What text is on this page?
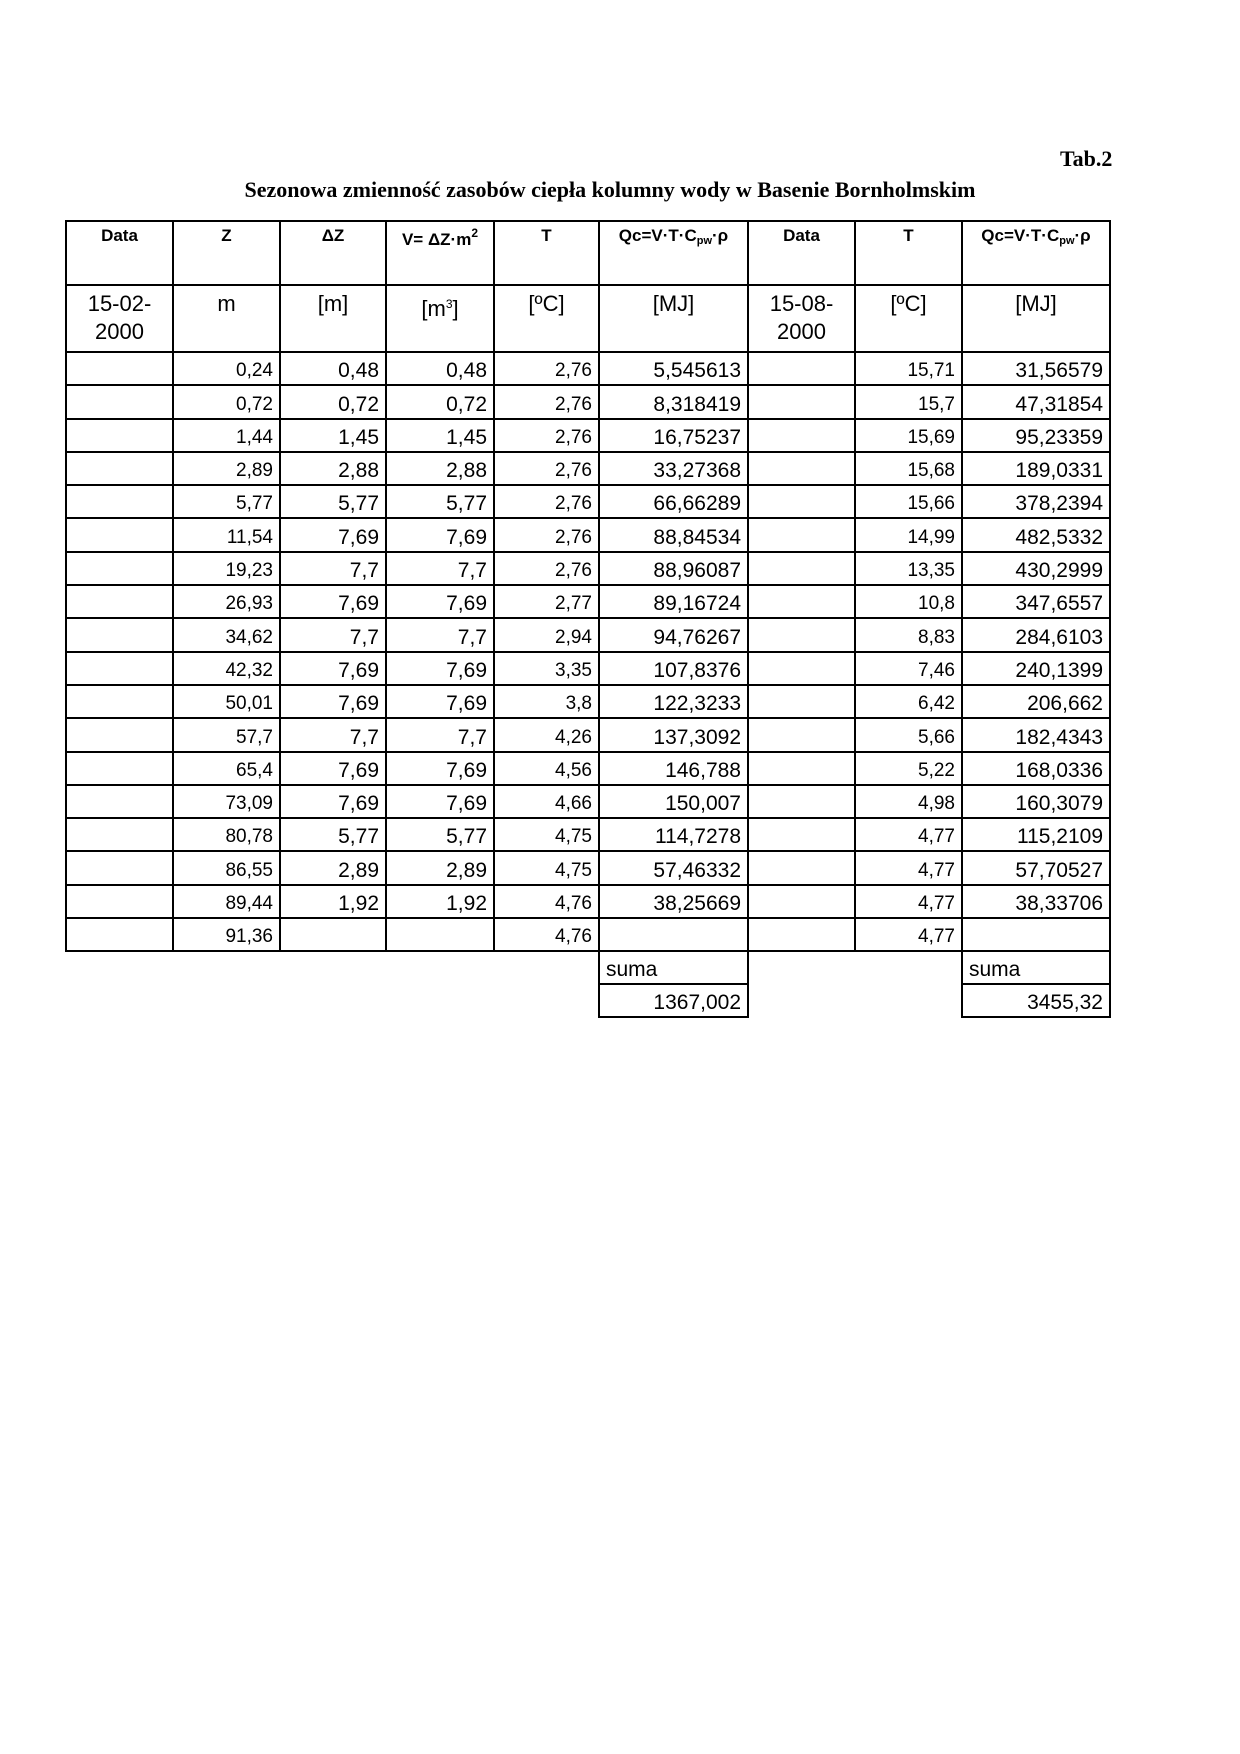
Tab.2
Sezonowa zmienność zasobów ciepła kolumny wody w Basenie Bornholmskim
Data	Z	ΔZ	$V= \Delta Z\cdot m^2$	T	$Qc=V\cdot T\cdot C_{pw}\cdot\rho$	Data	T	$Qc=V\cdot T\cdot C_{pw}\cdot\rho$
15-02-2000	m	[m]	$[m^3]$	[ºC]	[MJ]	15-08-2000	[ºC]	[MJ]
	0,24	0,48	0,48	2,76	5,545613		15,71	31,56579
	0,72	0,72	0,72	2,76	8,318419		15,7	47,31854
	1,44	1,45	1,45	2,76	16,75237		15,69	95,23359
	2,89	2,88	2,88	2,76	33,27368		15,68	189,0331
	5,77	5,77	5,77	2,76	66,66289		15,66	378,2394
	11,54	7,69	7,69	2,76	88,84534		14,99	482,5332
	19,23	7,7	7,7	2,76	88,96087		13,35	430,2999
	26,93	7,69	7,69	2,77	89,16724		10,8	347,6557
	34,62	7,7	7,7	2,94	94,76267		8,83	284,6103
	42,32	7,69	7,69	3,35	107,8376		7,46	240,1399
	50,01	7,69	7,69	3,8	122,3233		6,42	206,662
	57,7	7,7	7,7	4,26	137,3092		5,66	182,4343
	65,4	7,69	7,69	4,56	146,788		5,22	168,0336
	73,09	7,69	7,69	4,66	150,007		4,98	160,3079
	80,78	5,77	5,77	4,75	114,7278		4,77	115,2109
	86,55	2,89	2,89	4,75	57,46332		4,77	57,70527
	89,44	1,92	1,92	4,76	38,25669		4,77	38,33706
	91,36			4,76			4,77	
					suma			suma
					1367,002			3455,32
